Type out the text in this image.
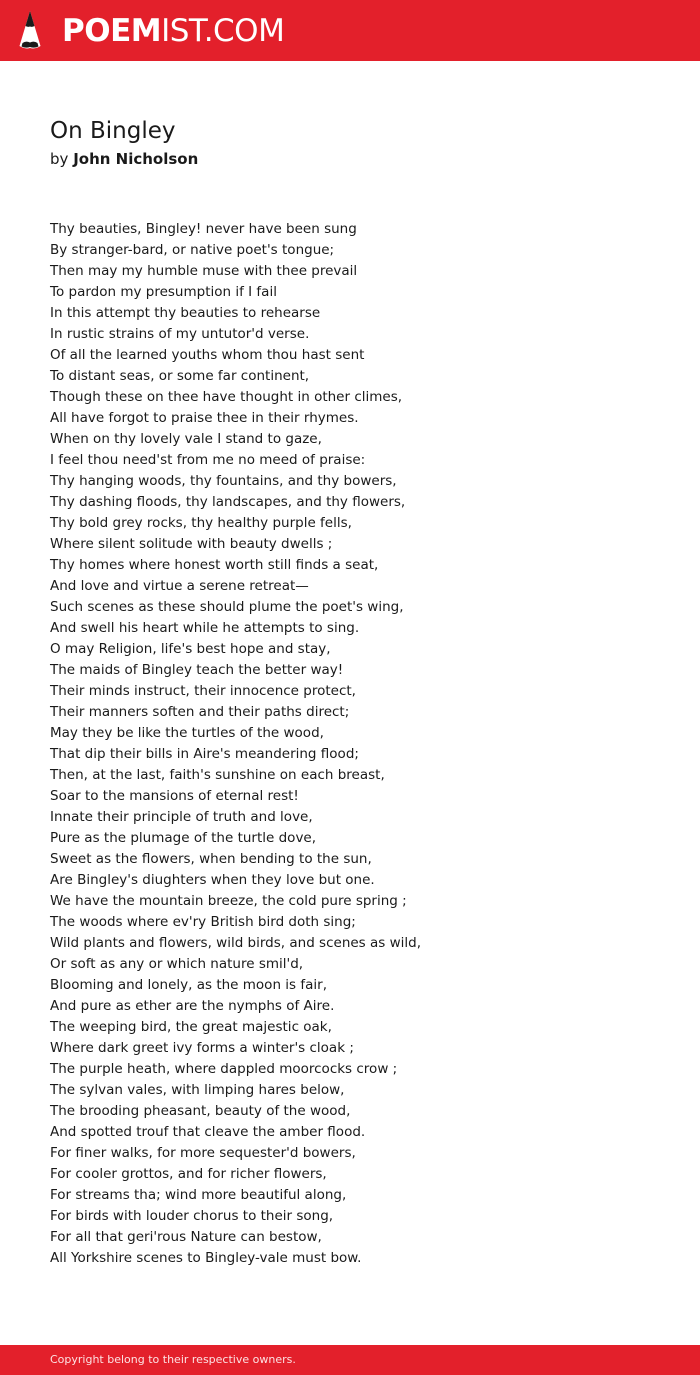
POEMIST.COM
On Bingley
by John Nicholson
Thy beauties, Bingley! never have been sung
By stranger-bard, or native poet's tongue;
Then may my humble muse with thee prevail
To pardon my presumption if I fail
In this attempt thy beauties to rehearse
In rustic strains of my untutor'd verse.
Of all the learned youths whom thou hast sent
To distant seas, or some far continent,
Though these on thee have thought in other climes,
All have forgot to praise thee in their rhymes.
When on thy lovely vale I stand to gaze,
I feel thou need'st from me no meed of praise:
Thy hanging woods, thy fountains, and thy bowers,
Thy dashing floods, thy landscapes, and thy flowers,
Thy bold grey rocks, thy healthy purple fells,
Where silent solitude with beauty dwells ;
Thy homes where honest worth still finds a seat,
And love and virtue a serene retreat—
Such scenes as these should plume the poet's wing,
And swell his heart while he attempts to sing.
O may Religion, life's best hope and stay,
The maids of Bingley teach the better way!
Their minds instruct, their innocence protect,
Their manners soften and their paths direct;
May they be like the turtles of the wood,
That dip their bills in Aire's meandering flood;
Then, at the last, faith's sunshine on each breast,
Soar to the mansions of eternal rest!
Innate their principle of truth and love,
Pure as the plumage of the turtle dove,
Sweet as the flowers, when bending to the sun,
Are Bingley's diughters when they love but one.
We have the mountain breeze, the cold pure spring ;
The woods where ev'ry British bird doth sing;
Wild plants and flowers, wild birds, and scenes as wild,
Or soft as any or which nature smil'd,
Blooming and lonely, as the moon is fair,
And pure as ether are the nymphs of Aire.
The weeping bird, the great majestic oak,
Where dark greet ivy forms a winter's cloak ;
The purple heath, where dappled moorcocks crow ;
The sylvan vales, with limping hares below,
The brooding pheasant, beauty of the wood,
And spotted trouf that cleave the amber flood.
For finer walks, for more sequester'd bowers,
For cooler grottos, and for richer flowers,
For streams tha; wind more beautiful along,
For birds with louder chorus to their song,
For all that geri'rous Nature can bestow,
All Yorkshire scenes to Bingley-vale must bow.
Copyright belong to their respective owners.
